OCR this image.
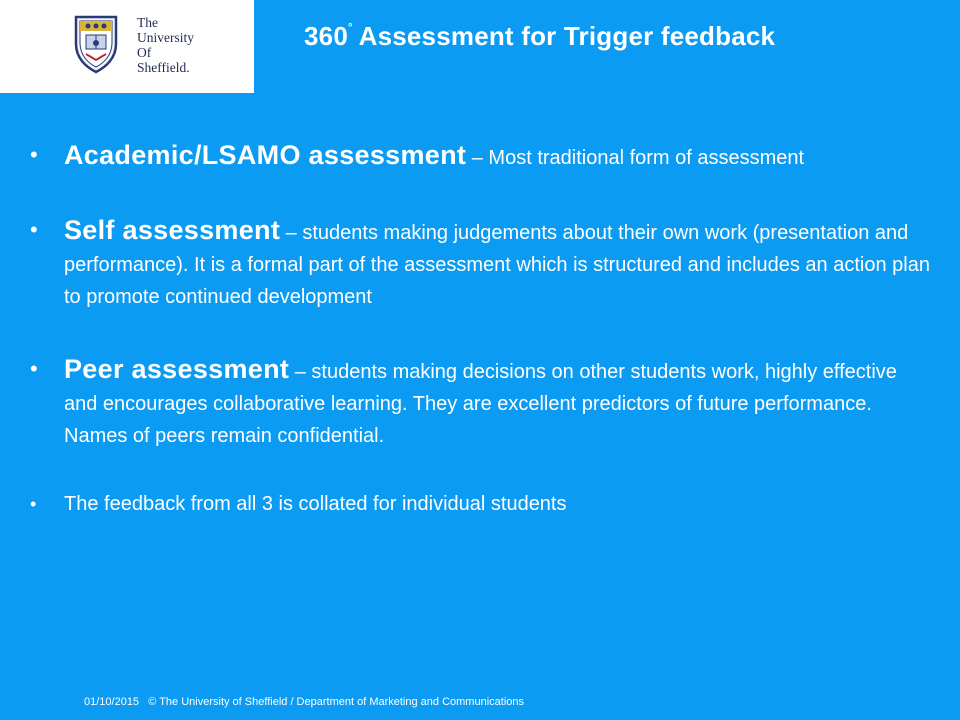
The
University
Of
Sheffield.
360° Assessment for Trigger feedback
• Academic/LSAMO assessment – Most traditional form of assessment

• Self assessment – students making judgements about their own work (presentation and performance). It is a formal part of the assessment which is structured and includes an action plan to promote continued development

• Peer assessment – students making decisions on other students work, highly effective and encourages collaborative learning. They are excellent predictors of future performance. Names of peers remain confidential.

• The feedback from all 3 is collated for individual students

01/10/2015 © The University of Sheffield / Department of Marketing and Communications
